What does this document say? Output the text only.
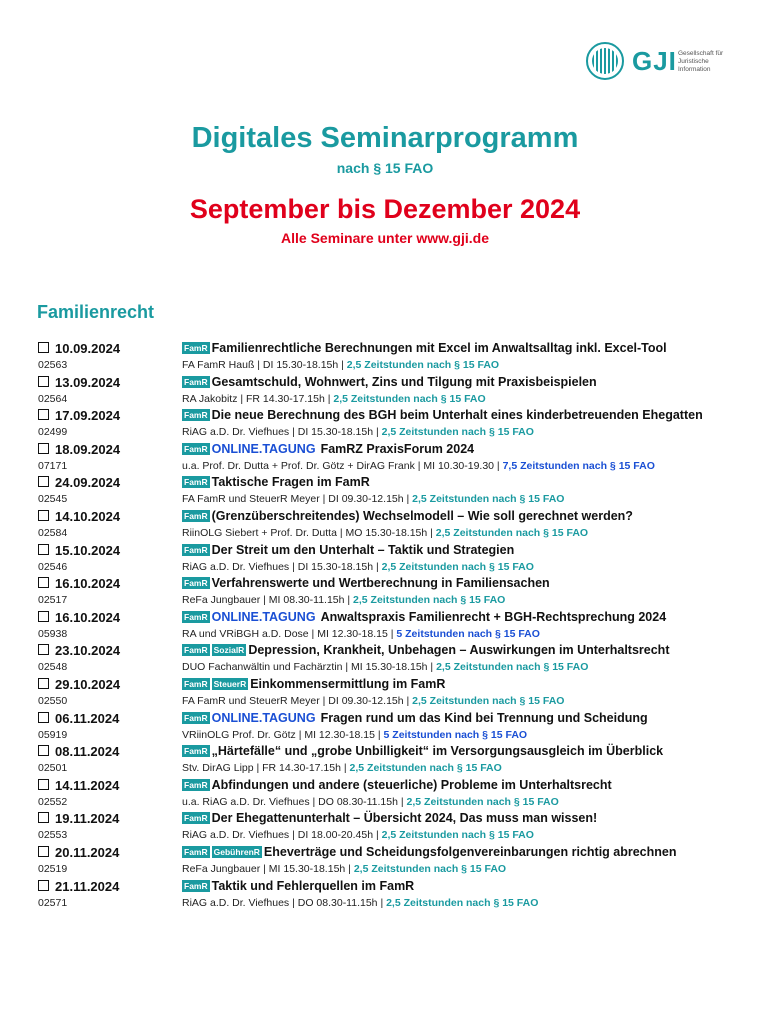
GJI Gesellschaft für Juristische Information
Digitales Seminarprogramm
nach § 15 FAO
September bis Dezember 2024
Alle Seminare unter www.gji.de
Familienrecht
10.09.2024
02563
FamR Familienrechtliche Berechnungen mit Excel im Anwaltsalltag inkl. Excel-Tool
FA FamR Hauß | DI 15.30-18.15h | 2,5 Zeitstunden nach § 15 FAO
13.09.2024
02564
FamR Gesamtschuld, Wohnwert, Zins und Tilgung mit Praxisbeispielen
RA Jakobitz | FR 14.30-17.15h | 2,5 Zeitstunden nach § 15 FAO
17.09.2024
02499
FamR Die neue Berechnung des BGH beim Unterhalt eines kinderbetreuenden Ehegatten
RiAG a.D. Dr. Viefhues | DI 15.30-18.15h | 2,5 Zeitstunden nach § 15 FAO
18.09.2024
07171
FamR ONLINE.TAGUNG FamRZ PraxisForum 2024
u.a. Prof. Dr. Dutta + Prof. Dr. Götz + DirAG Frank | MI 10.30-19.30 | 7,5 Zeitstunden nach § 15 FAO
24.09.2024
02545
FamR Taktische Fragen im FamR
FA FamR und SteuerR Meyer | DI 09.30-12.15h | 2,5 Zeitstunden nach § 15 FAO
14.10.2024
02584
FamR (Grenzüberschreitendes) Wechselmodell – Wie soll gerechnet werden?
RiinOLG Siebert + Prof. Dr. Dutta | MO 15.30-18.15h | 2,5 Zeitstunden nach § 15 FAO
15.10.2024
02546
FamR Der Streit um den Unterhalt – Taktik und Strategien
RiAG a.D. Dr. Viefhues | DI 15.30-18.15h | 2,5 Zeitstunden nach § 15 FAO
16.10.2024
02517
FamR Verfahrenswerte und Wertberechnung in Familiensachen
ReFa Jungbauer | MI 08.30-11.15h | 2,5 Zeitstunden nach § 15 FAO
16.10.2024
05938
FamR ONLINE.TAGUNG Anwaltspraxis Familienrecht + BGH-Rechtsprechung 2024
RA und VRiBGH a.D. Dose | MI 12.30-18.15 | 5 Zeitstunden nach § 15 FAO
23.10.2024
02548
FamR SozialR Depression, Krankheit, Unbehagen – Auswirkungen im Unterhaltsrecht
DUO Fachanwältin und Fachärztin | MI 15.30-18.15h | 2,5 Zeitstunden nach § 15 FAO
29.10.2024
02550
FamR SteuerR Einkommensermittlung im FamR
FA FamR und SteuerR Meyer | DI 09.30-12.15h | 2,5 Zeitstunden nach § 15 FAO
06.11.2024
05919
FamR ONLINE.TAGUNG Fragen rund um das Kind bei Trennung und Scheidung
VRiinOLG Prof. Dr. Götz | MI 12.30-18.15 | 5 Zeitstunden nach § 15 FAO
08.11.2024
02501
FamR „Härtefälle“ und „grobe Unbilligkeit“ im Versorgungsausgleich im Überblick
Stv. DirAG Lipp | FR 14.30-17.15h | 2,5 Zeitstunden nach § 15 FAO
14.11.2024
02552
FamR Abfindungen und andere (steuerliche) Probleme im Unterhaltsrecht
u.a. RiAG a.D. Dr. Viefhues | DO 08.30-11.15h | 2,5 Zeitstunden nach § 15 FAO
19.11.2024
02553
FamR Der Ehegattenunterhalt – Übersicht 2024, Das muss man wissen!
RiAG a.D. Dr. Viefhues | DI 18.00-20.45h | 2,5 Zeitstunden nach § 15 FAO
20.11.2024
02519
FamR GebührenR Eheverträge und Scheidungsfolgenvereinbarungen richtig abrechnen
ReFa Jungbauer | MI 15.30-18.15h | 2,5 Zeitstunden nach § 15 FAO
21.11.2024
02571
FamR Taktik und Fehlerquellen im FamR
RiAG a.D. Dr. Viefhues | DO 08.30-11.15h | 2,5 Zeitstunden nach § 15 FAO
